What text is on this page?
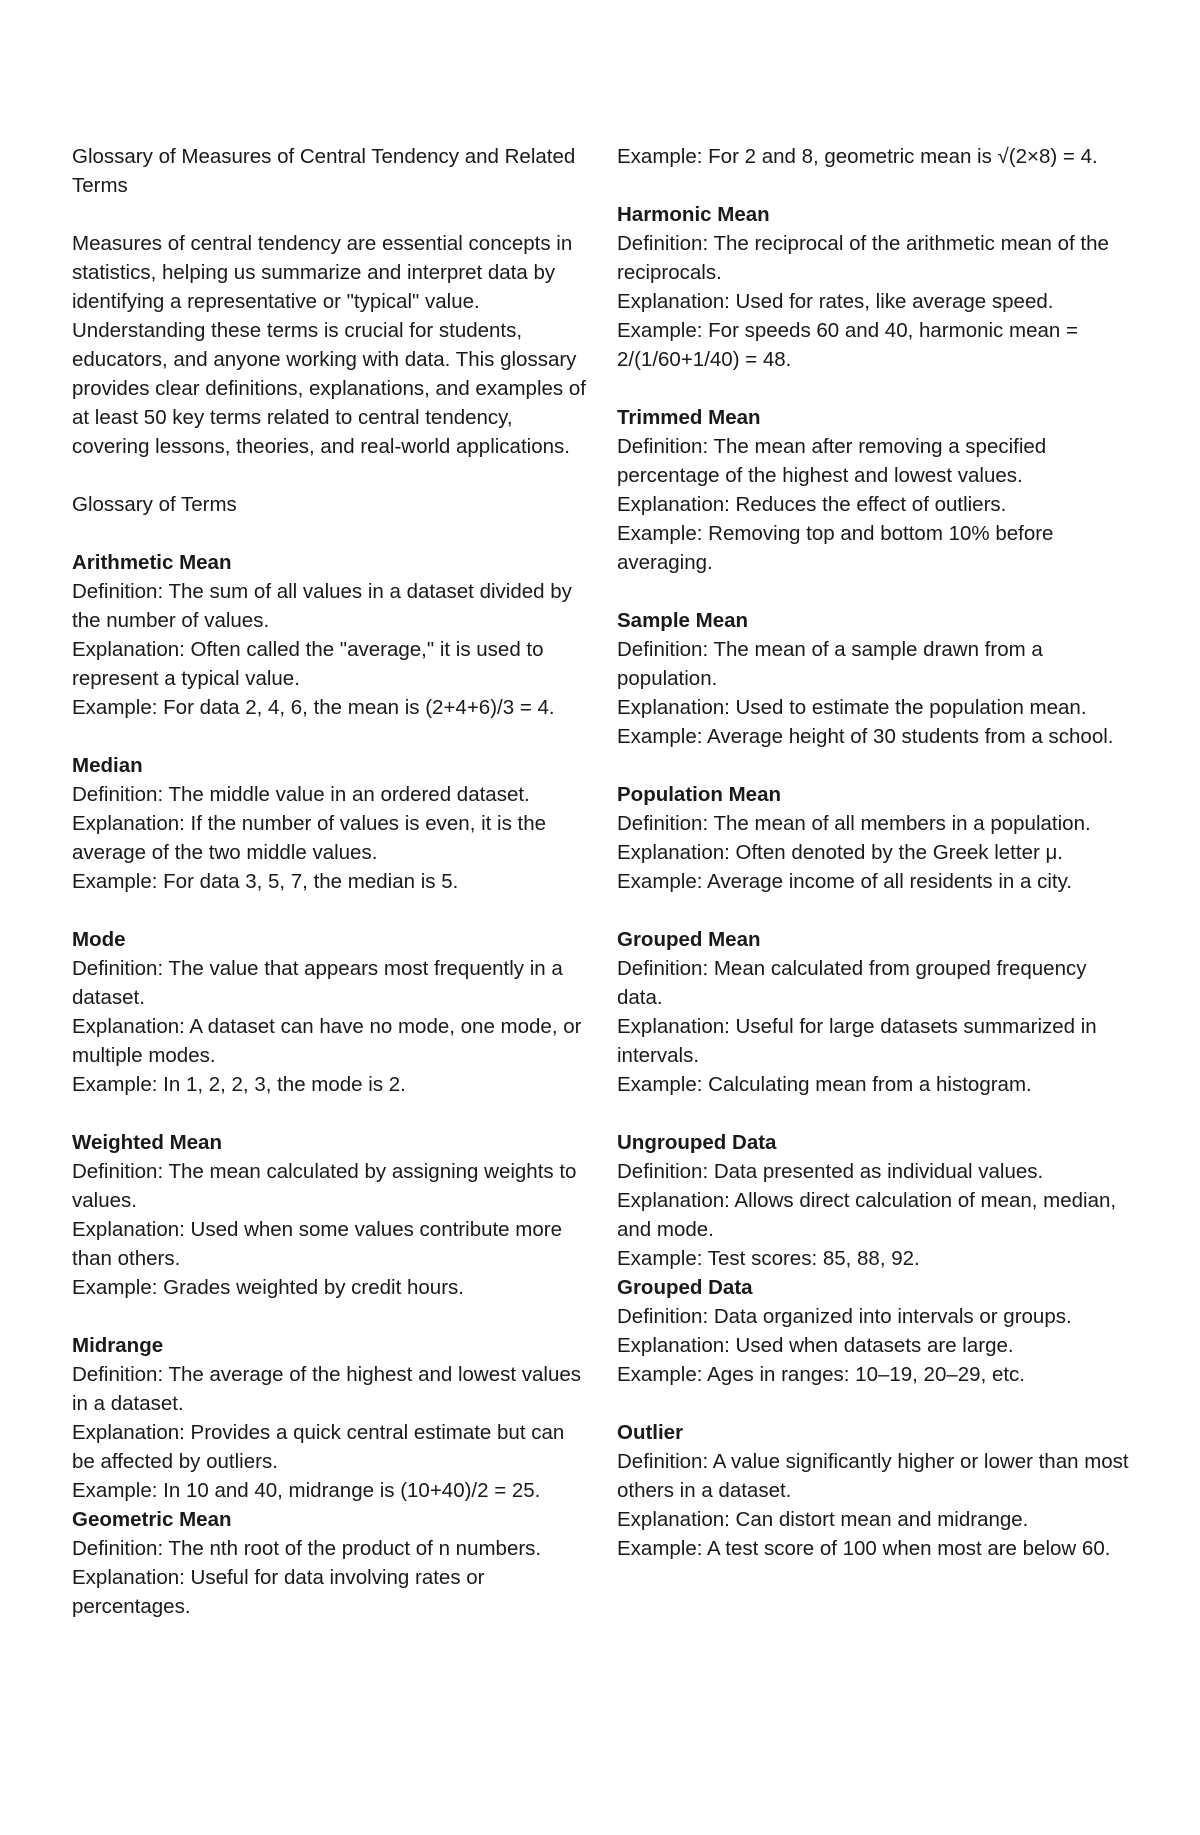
Glossary of Measures of Central Tendency and Related Terms
Measures of central tendency are essential concepts in statistics, helping us summarize and interpret data by identifying a representative or "typical" value. Understanding these terms is crucial for students, educators, and anyone working with data. This glossary provides clear definitions, explanations, and examples of at least 50 key terms related to central tendency, covering lessons, theories, and real-world applications.
Glossary of Terms
Arithmetic Mean
Definition: The sum of all values in a dataset divided by the number of values.
Explanation: Often called the "average," it is used to represent a typical value.
Example: For data 2, 4, 6, the mean is (2+4+6)/3 = 4.
Median
Definition: The middle value in an ordered dataset.
Explanation: If the number of values is even, it is the average of the two middle values.
Example: For data 3, 5, 7, the median is 5.
Mode
Definition: The value that appears most frequently in a dataset.
Explanation: A dataset can have no mode, one mode, or multiple modes.
Example: In 1, 2, 2, 3, the mode is 2.
Weighted Mean
Definition: The mean calculated by assigning weights to values.
Explanation: Used when some values contribute more than others.
Example: Grades weighted by credit hours.
Midrange
Definition: The average of the highest and lowest values in a dataset.
Explanation: Provides a quick central estimate but can be affected by outliers.
Example: In 10 and 40, midrange is (10+40)/2 = 25.
Geometric Mean
Definition: The nth root of the product of n numbers.
Explanation: Useful for data involving rates or percentages.
Example: For 2 and 8, geometric mean is √(2×8) = 4.
Harmonic Mean
Definition: The reciprocal of the arithmetic mean of the reciprocals.
Explanation: Used for rates, like average speed.
Example: For speeds 60 and 40, harmonic mean = 2/(1/60+1/40) = 48.
Trimmed Mean
Definition: The mean after removing a specified percentage of the highest and lowest values.
Explanation: Reduces the effect of outliers.
Example: Removing top and bottom 10% before averaging.
Sample Mean
Definition: The mean of a sample drawn from a population.
Explanation: Used to estimate the population mean.
Example: Average height of 30 students from a school.
Population Mean
Definition: The mean of all members in a population.
Explanation: Often denoted by the Greek letter μ.
Example: Average income of all residents in a city.
Grouped Mean
Definition: Mean calculated from grouped frequency data.
Explanation: Useful for large datasets summarized in intervals.
Example: Calculating mean from a histogram.
Ungrouped Data
Definition: Data presented as individual values.
Explanation: Allows direct calculation of mean, median, and mode.
Example: Test scores: 85, 88, 92.
Grouped Data
Definition: Data organized into intervals or groups.
Explanation: Used when datasets are large.
Example: Ages in ranges: 10–19, 20–29, etc.
Outlier
Definition: A value significantly higher or lower than most others in a dataset.
Explanation: Can distort mean and midrange.
Example: A test score of 100 when most are below 60.
